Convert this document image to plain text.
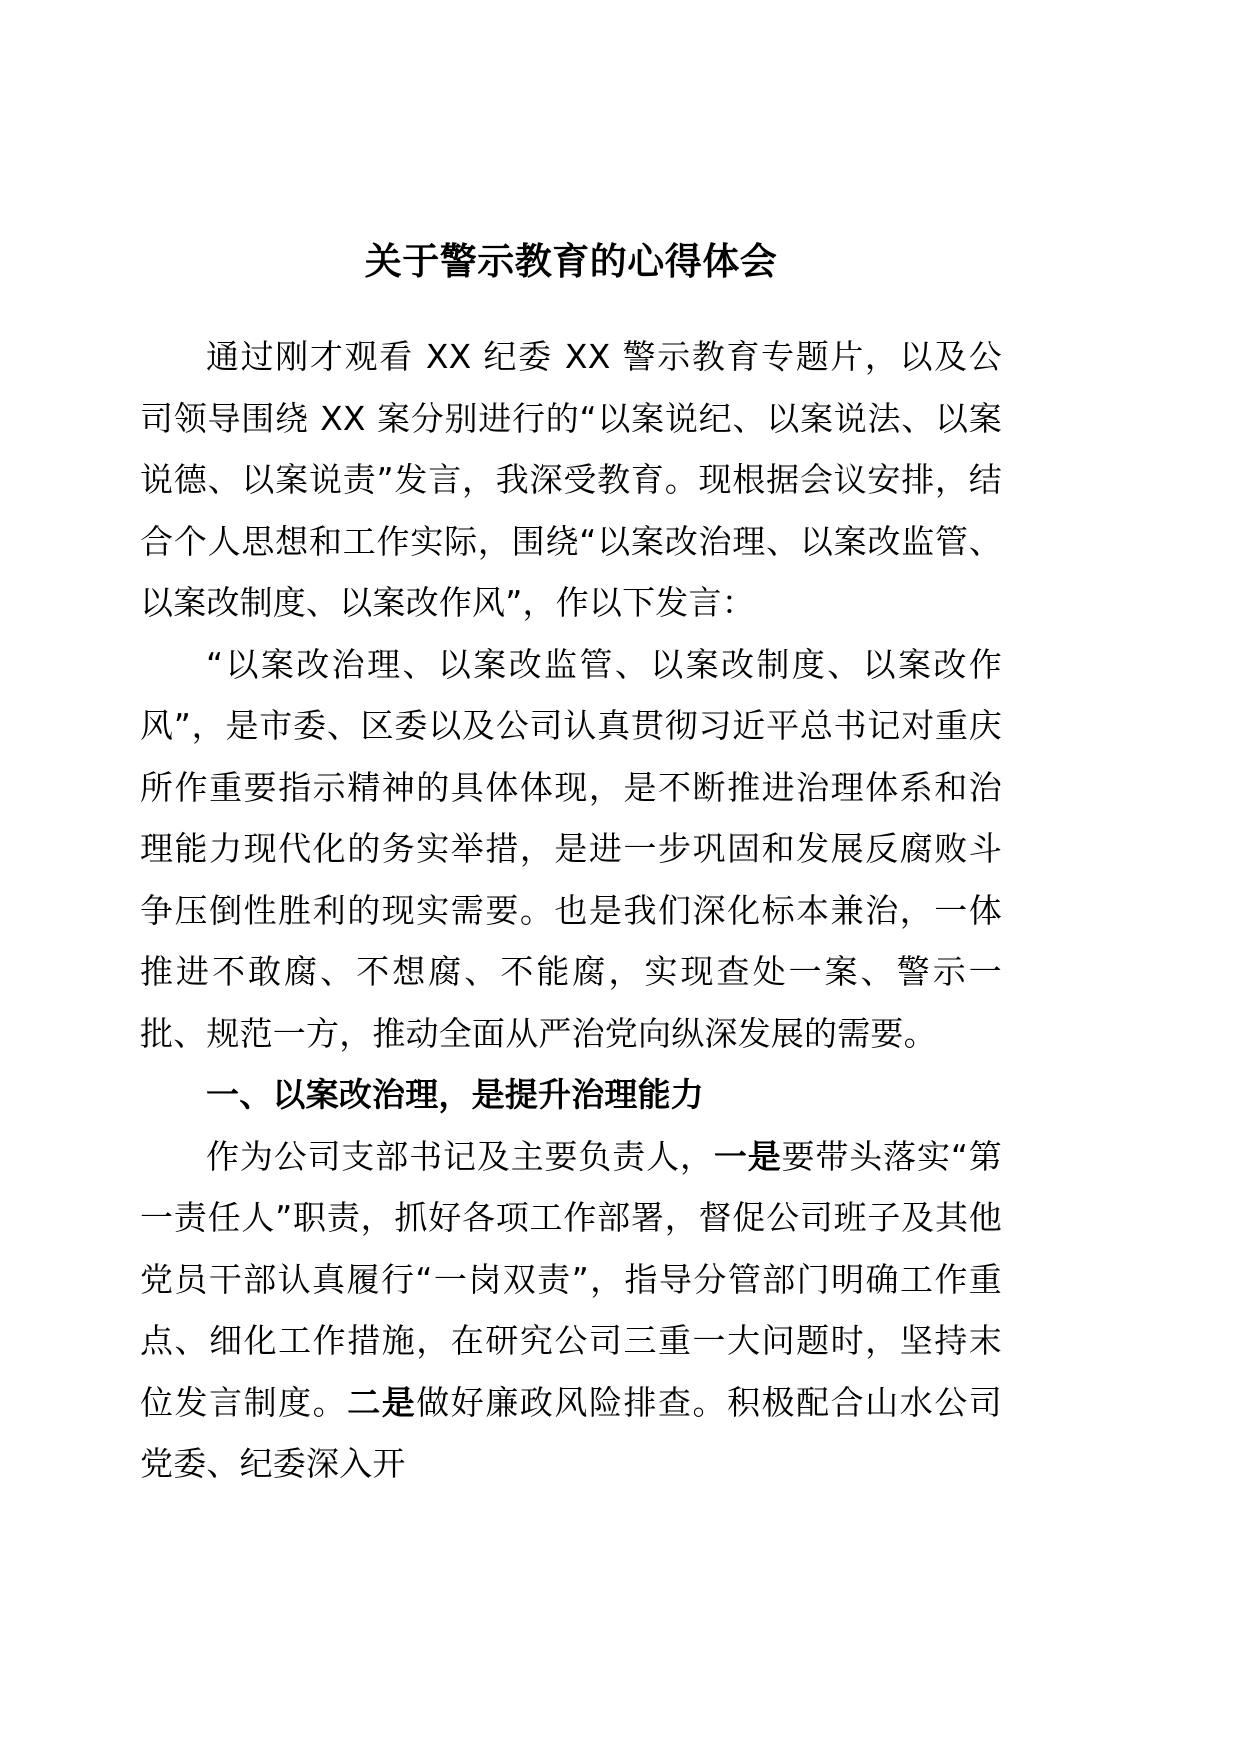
关于警示教育的心得体会

通过刚才观看 XX 纪委 XX 警示教育专题片，以及公司领导围绕 XX 案分别进行的“以案说纪、以案说法、以案说德、以案说责”发言，我深受教育。现根据会议安排，结合个人思想和工作实际，围绕“以案改治理、以案改监管、以案改制度、以案改作风”，作以下发言：

“以案改治理、以案改监管、以案改制度、以案改作风”，是市委、区委以及公司认真贯彻习近平总书记对重庆所作重要指示精神的具体体现，是不断推进治理体系和治理能力现代化的务实举措，是进一步巩固和发展反腐败斗争压倒性胜利的现实需要。也是我们深化标本兼治，一体推进不敢腐、不想腐、不能腐，实现查处一案、警示一批、规范一方，推动全面从严治党向纵深发展的需要。

一、以案改治理，是提升治理能力

作为公司支部书记及主要负责人，一是要带头落实“第一责任人”职责，抓好各项工作部署，督促公司班子及其他党员干部认真履行“一岗双责”，指导分管部门明确工作重点、细化工作措施，在研究公司三重一大问题时，坚持末位发言制度。二是做好廉政风险排查。积极配合山水公司党委、纪委深入开
